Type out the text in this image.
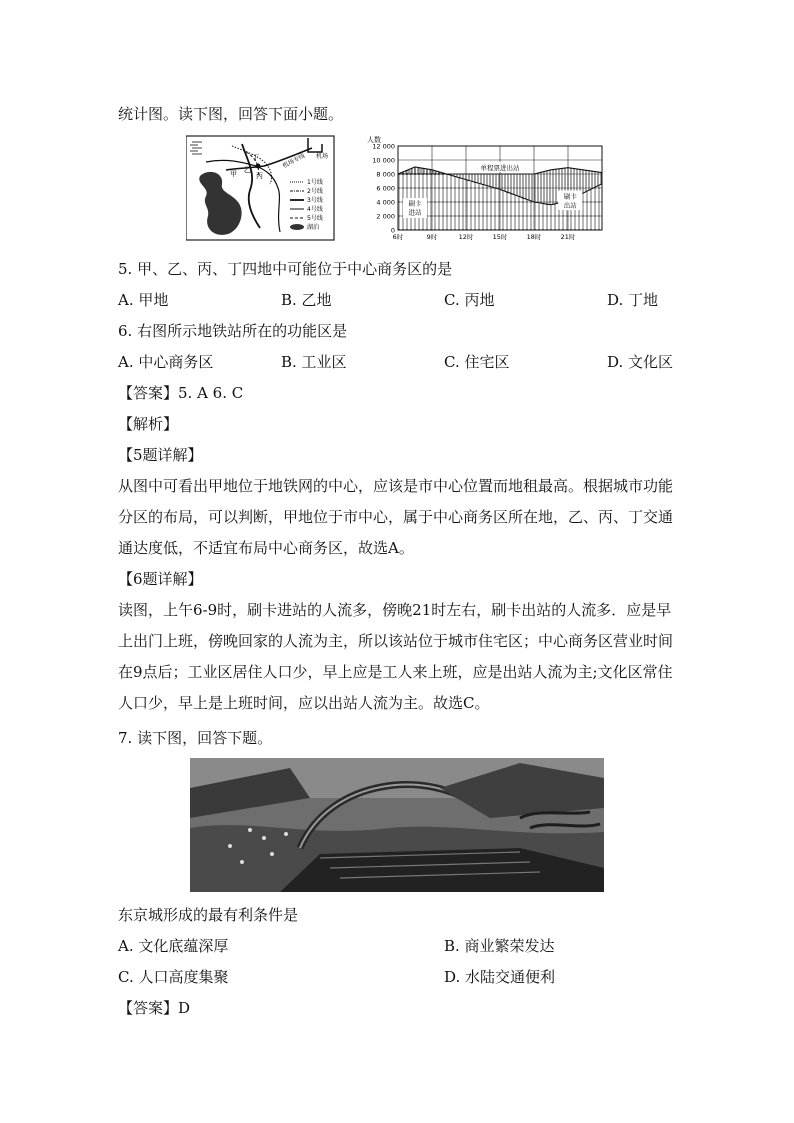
统计图。读下图，回答下面小题。
丁
甲 乙
丙
机场
机场专线
1号线
2号线
3号线
4号线
5号线
湖泊
人数
12 000
10 000
8 000
6 000
4 000
2 000
0
6时	9时	12时	15时	18时	21时
单程票进出站
刷卡
进站
刷卡
出站
5. 甲、乙、丙、丁四地中可能位于中心商务区的是
A. 甲地	B. 乙地	C. 丙地	D. 丁地
6. 右图所示地铁站所在的功能区是
A. 中心商务区	B. 工业区	C. 住宅区	D. 文化区
【答案】5. A 6. C
【解析】
【5题详解】
从图中可看出甲地位于地铁网的中心，应该是市中心位置而地租最高。根据城市功能分区的布局，可以判断，甲地位于市中心，属于中心商务区所在地，乙、丙、丁交通通达度低，不适宜布局中心商务区，故选A。
【6题详解】
读图，上午6-9时，刷卡进站的人流多，傍晚21时左右，刷卡出站的人流多．应是早上出门上班，傍晚回家的人流为主，所以该站位于城市住宅区；中心商务区营业时间在9点后；工业区居住人口少，早上应是工人来上班，应是出站人流为主;文化区常住人口少，早上是上班时间，应以出站人流为主。故选C。
7. 读下图，回答下题。
东京城形成的最有利条件是
A. 文化底蕴深厚	B. 商业繁荣发达
C. 人口高度集聚	D. 水陆交通便利
【答案】D
